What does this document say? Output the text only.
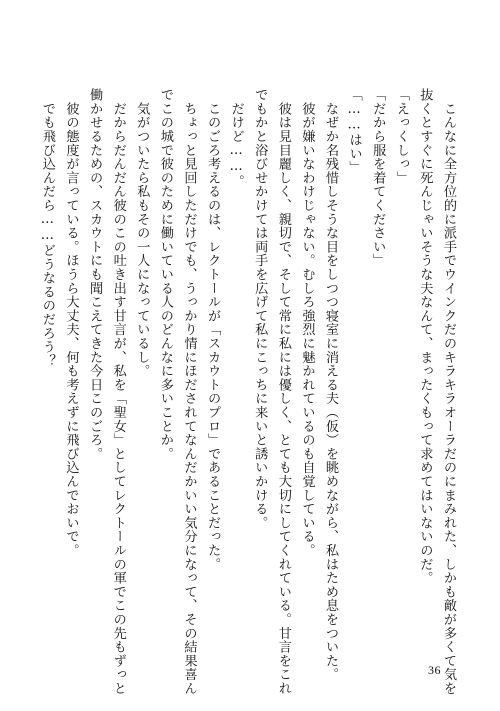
　こんなに全方位的に派手でウインクだのキラキラオーラだのにまみれた、しかも敵が多くて気を
抜くとすぐに死んじゃいそうな夫なんて、まったくもって求めてはいないのだ。
「えっくしっ」
「だから服を着てください」
「……はい」
　なぜか名残惜しそうな目をしつつ寝室に消える夫（仮）を眺めながら、私はため息をついた。
　彼が嫌いなわけじゃない。むしろ強烈に魅かれているのも自覚している。
　彼は見目麗しく、親切で、そして常に私には優しく、とても大切にしてくれている。甘言をこれ
でもかと浴びせかけては両手を広げて私にこっちに来いと誘いかける。
　だけど……。
　このごろ考えるのは、レクトールが「スカウトのプロ」であることだった。
　ちょっと見回しただけでも、うっかり情にほだされてなんだかいい気分になって、その結果喜ん
でこの城で彼のために働いている人のどんなに多いことか。
　気がついたら私もその一人になっているし。
　だからだんだん彼のこの吐き出す甘言が、私を「聖女」としてレクトールの軍でこの先もずっと
働かせるための、スカウトにも聞こえてきた今日このごろ。
　彼の態度が言っている。ほうら大丈夫、何も考えずに飛び込んでおいで。
　でも飛び込んだら……どうなるのだろう？
36
